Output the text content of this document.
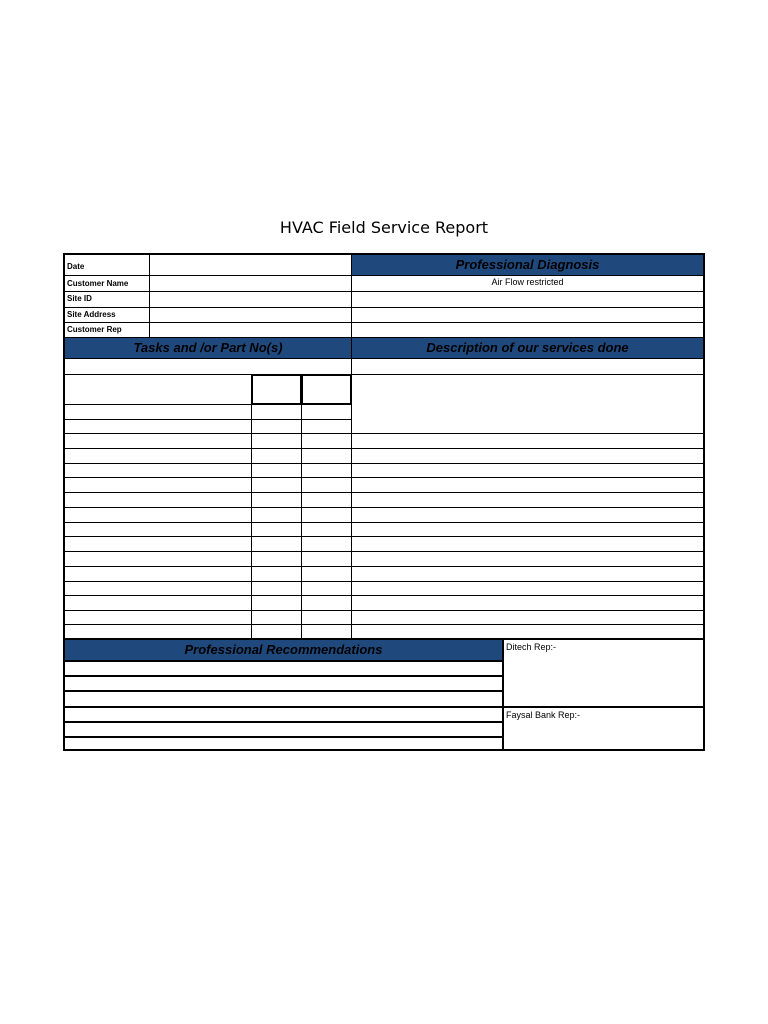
HVAC Field Service Report
Date
Customer Name
Site ID
Site Address
Customer Rep
Professional Diagnosis
Air Flow restricted
Tasks and /or Part No(s)	Description of our services done
Professional Recommendations	Ditech Rep:-
Faysal Bank Rep:-
